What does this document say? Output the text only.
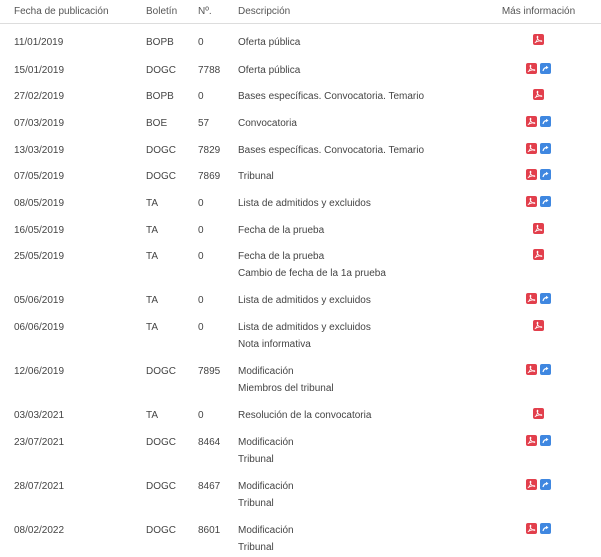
Fecha de publicación	Boletín	Nº.	Descripción	Más información

11/01/2019	BOPB	0	Oferta pública

15/01/2019	DOGC	7788	Oferta pública

27/02/2019	BOPB	0	Bases específicas. Convocatoria. Temario

07/03/2019	BOE	57	Convocatoria

13/03/2019	DOGC	7829	Bases específicas. Convocatoria. Temario

07/05/2019	DOGC	7869	Tribunal

08/05/2019	TA	0	Lista de admitidos y excluidos

16/05/2019	TA	0	Fecha de la prueba

25/05/2019	TA	0	Fecha de la prueba
Cambio de fecha de la 1a prueba

05/06/2019	TA	0	Lista de admitidos y excluidos

06/06/2019	TA	0	Lista de admitidos y excluidos
Nota informativa

12/06/2019	DOGC	7895	Modificación
Miembros del tribunal

03/03/2021	TA	0	Resolución de la convocatoria

23/07/2021	DOGC	8464	Modificación
Tribunal

28/07/2021	DOGC	8467	Modificación
Tribunal

08/02/2022	DOGC	8601	Modificación
Tribunal
